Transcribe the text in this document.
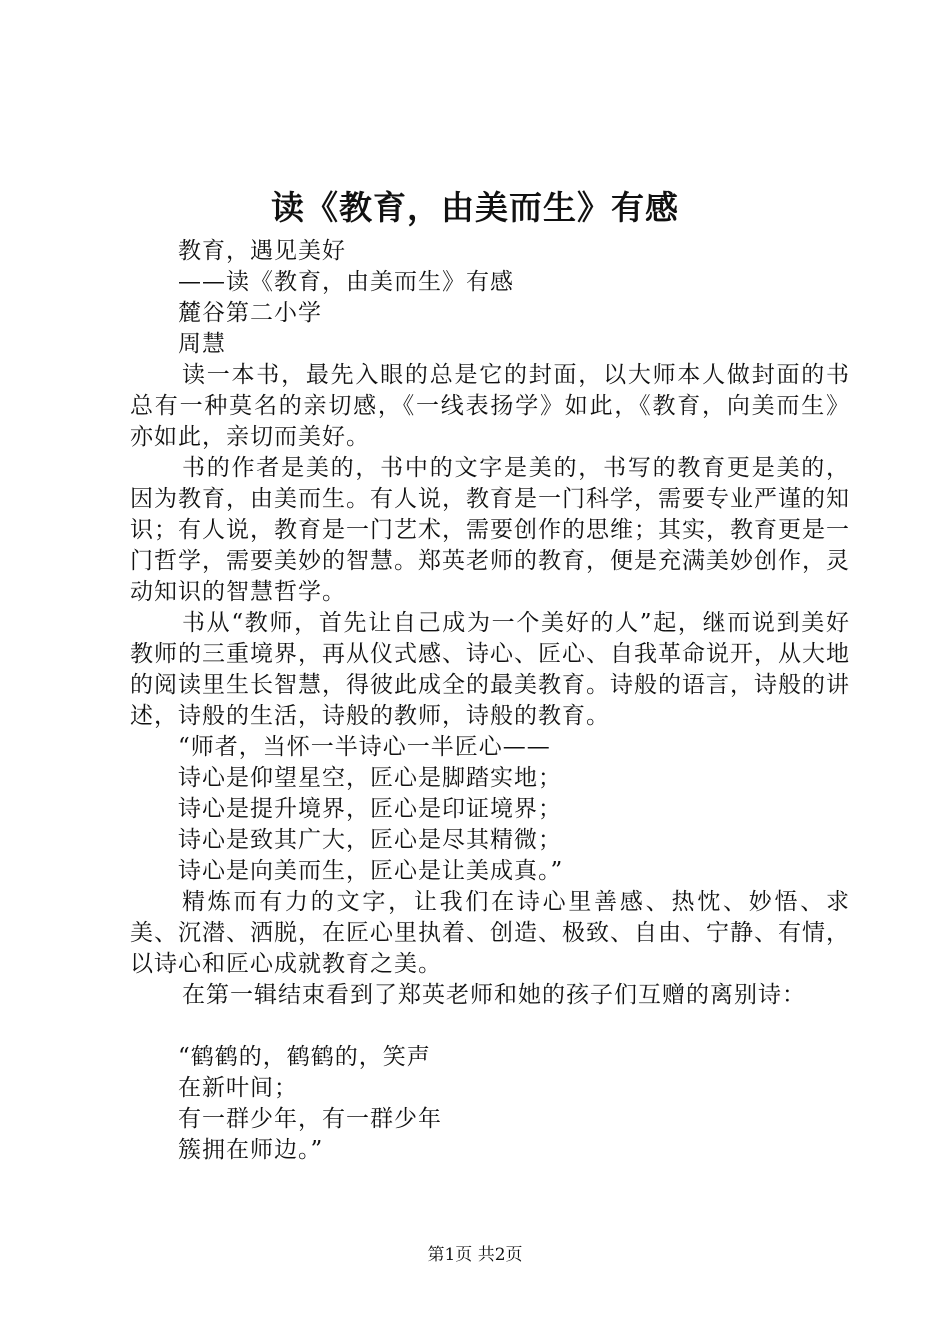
读《教育，由美而生》有感
教育，遇见美好
——读《教育，由美而生》有感
麓谷第二小学
周慧
读一本书，最先入眼的总是它的封面，以大师本人做封面的书总有一种莫名的亲切感，《一线表扬学》如此，《教育，向美而生》亦如此，亲切而美好。
书的作者是美的，书中的文字是美的，书写的教育更是美的，因为教育，由美而生。有人说，教育是一门科学，需要专业严谨的知识；有人说，教育是一门艺术，需要创作的思维；其实，教育更是一门哲学，需要美妙的智慧。郑英老师的教育，便是充满美妙创作，灵动知识的智慧哲学。
书从“教师，首先让自己成为一个美好的人”起，继而说到美好教师的三重境界，再从仪式感、诗心、匠心、自我革命说开，从大地的阅读里生长智慧，得彼此成全的最美教育。诗般的语言，诗般的讲述，诗般的生活，诗般的教师，诗般的教育。
“师者，当怀一半诗心一半匠心——
诗心是仰望星空，匠心是脚踏实地；
诗心是提升境界，匠心是印证境界；
诗心是致其广大，匠心是尽其精微；
诗心是向美而生，匠心是让美成真。”
精炼而有力的文字，让我们在诗心里善感、热忱、妙悟、求美、沉潜、洒脱，在匠心里执着、创造、极致、自由、宁静、有情，以诗心和匠心成就教育之美。
在第一辑结束看到了郑英老师和她的孩子们互赠的离别诗：
“鹤鹤的，鹤鹤的，笑声
在新叶间；
有一群少年，有一群少年
簇拥在师边。”
第1页 共2页
